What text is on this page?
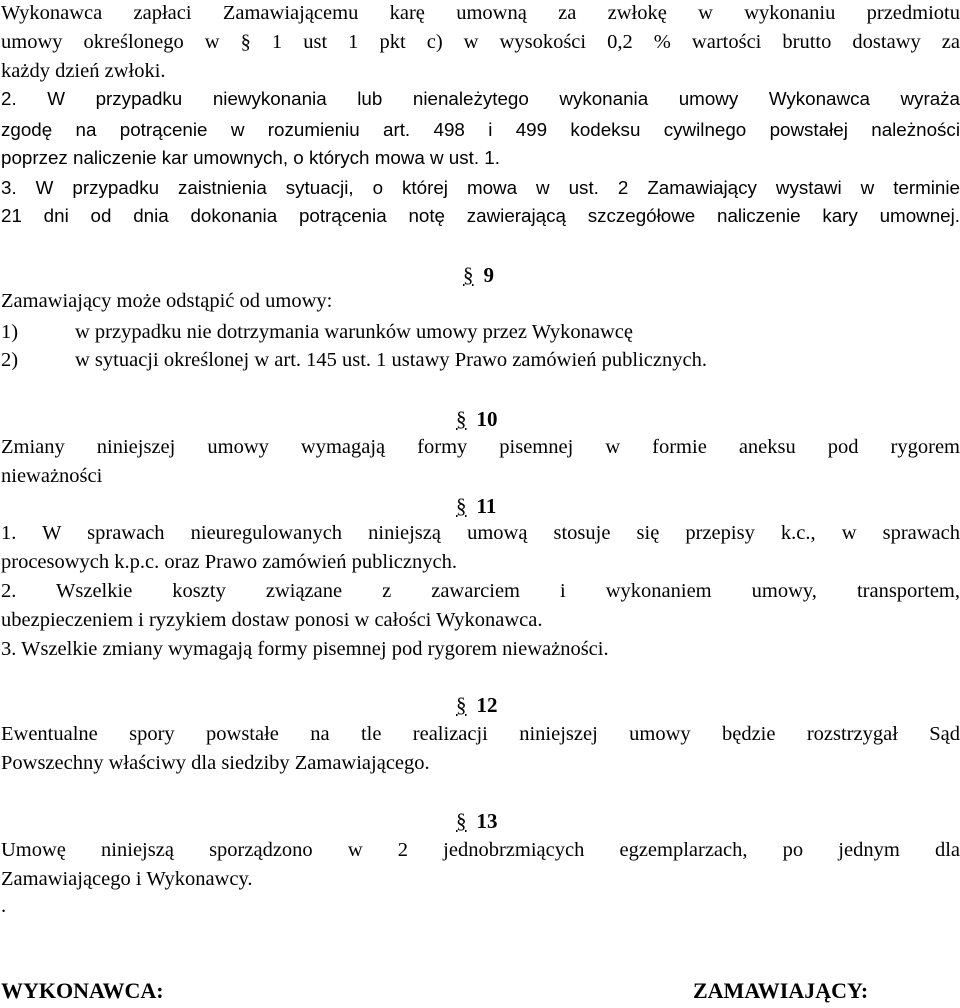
Wykonawca zapłaci Zamawiającemu karę umowną za zwłokę w wykonaniu przedmiotu

umowy określonego w § 1 ust 1 pkt c) w wysokości 0,2 % wartości brutto dostawy za

każdy dzień zwłoki.

2. W przypadku niewykonania lub nienależytego wykonania umowy Wykonawca wyraża

zgodę na potrącenie w rozumieniu art. 498 i 499 kodeksu cywilnego powstałej należności

poprzez naliczenie kar umownych, o których mowa w ust. 1.

3. W przypadku zaistnienia sytuacji, o której mowa w ust. 2 Zamawiający wystawi w terminie

21 dni od dnia dokonania potrącenia notę zawierającą szczegółowe naliczenie kary umownej.

§ 9

Zamawiający może odstąpić od umowy:

1)	w przypadku nie dotrzymania warunków umowy przez Wykonawcę
2)	w sytuacji określonej w art. 145 ust. 1 ustawy Prawo zamówień publicznych.
§ 10

Zmiany niniejszej umowy wymagają formy pisemnej w formie aneksu pod rygorem

nieważności

§ 11

1. W sprawach nieuregulowanych niniejszą umową stosuje się przepisy k.c., w sprawach

procesowych k.p.c. oraz Prawo zamówień publicznych.

2. Wszelkie koszty związane z zawarciem i wykonaniem umowy, transportem,

ubezpieczeniem i ryzykiem dostaw ponosi w całości Wykonawca.

3. Wszelkie zmiany wymagają formy pisemnej pod rygorem nieważności.

§ 12

Ewentualne spory powstałe na tle realizacji niniejszej umowy będzie rozstrzygał Sąd

Powszechny właściwy dla siedziby Zamawiającego.

§ 13

Umowę niniejszą sporządzono w 2 jednobrzmiących egzemplarzach, po jednym dla

Zamawiającego i Wykonawcy.

.

WYKONAWCA:	ZAMAWIAJĄCY:
